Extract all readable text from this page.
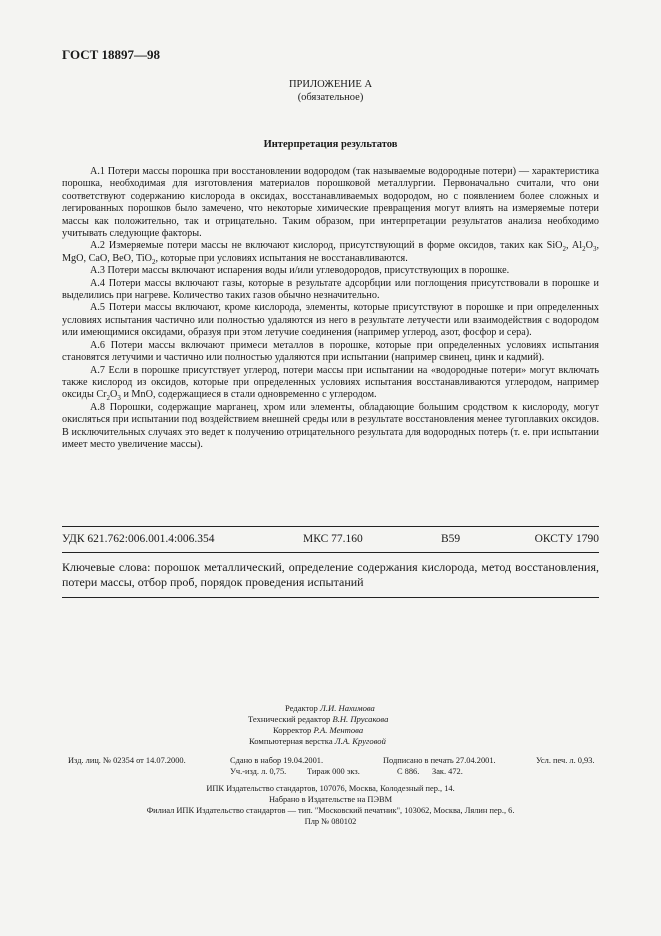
ГОСТ 18897—98
ПРИЛОЖЕНИЕ А
(обязательное)
Интерпретация результатов

А.1 Потери массы порошка при восстановлении водородом (так называемые водородные потери) — характеристика порошка, необходимая для изготовления материалов порошковой металлургии. Первоначально считали, что они соответствуют содержанию кислорода в оксидах, восстанавливаемых водородом, но с появлением более сложных и легированных порошков было замечено, что некоторые химические превращения могут влиять на измеряемые потери массы как положительно, так и отрицательно. Таким образом, при интерпретации результатов анализа необходимо учитывать следующие факторы.

А.2 Измеряемые потери массы не включают кислород, присутствующий в форме оксидов, таких как SiO$_2$, $Al_2O_3$, MgO, CaO, BeO, TiO$_2$, которые при условиях испытания не восстанавливаются.

А.3 Потери массы включают испарения воды и/или углеводородов, присутствующих в порошке.

А.4 Потери массы включают газы, которые в результате адсорбции или поглощения присутствовали в порошке и выделились при нагреве. Количество таких газов обычно незначительно.

А.5 Потери массы включают, кроме кислорода, элементы, которые присутствуют в порошке и при определенных условиях испытания частично или полностью удаляются из него в результате летучести или взаимодействия с водородом или имеющимися оксидами, образуя при этом летучие соединения (например углерод, азот, фосфор и сера).

А.6 Потери массы включают примеси металлов в порошке, которые при определенных условиях испытания становятся летучими и частично или полностью удаляются при испытании (например свинец, цинк и кадмий).

А.7 Если в порошке присутствует углерод, потери массы при испытании на «водородные потери» могут включать также кислород из оксидов, которые при определенных условиях испытания восстанавливаются углеродом, например оксиды $Cr_2O_3$ и MnO, содержащиеся в стали одновременно с углеродом.

А.8 Порошки, содержащие марганец, хром или элементы, обладающие большим сродством к кислороду, могут окисляться при испытании под воздействием внешней среды или в результате восстановления менее тугоплавких оксидов. В исключительных случаях это ведет к получению отрицательного результата для водородных потерь (т. е. при испытании имеет место увеличение массы).

УДК 621.762:006.001.4:006.354	МКС 77.160	B59	ОКСТУ 1790
Ключевые слова: порошок металлический, определение содержания кислорода, метод восстановления, потери массы, отбор проб, порядок проведения испытаний
Редактор Л.И. Нахимова
Технический редактор В.Н. Прусакова
Корректор Р.А. Ментова
Компьютерная верстка Л.А. Круговой
Изд. лиц. № 02354 от 14.07.2000.	Сдано в набор 19.04.2001.	Подписано в печать 27.04.2001.	Усл. печ. л. 0,93.
Уч.-изд. л. 0,75. Тираж 000 экз.	С 886. Зак. 472.
ИПК Издательство стандартов, 107076, Москва, Колодезный пер., 14.
Набрано в Издательстве на ПЭВМ
Филиал ИПК Издательство стандартов — тип. "Московский печатник", 103062, Москва, Лялин пер., 6.
Плр № 080102
